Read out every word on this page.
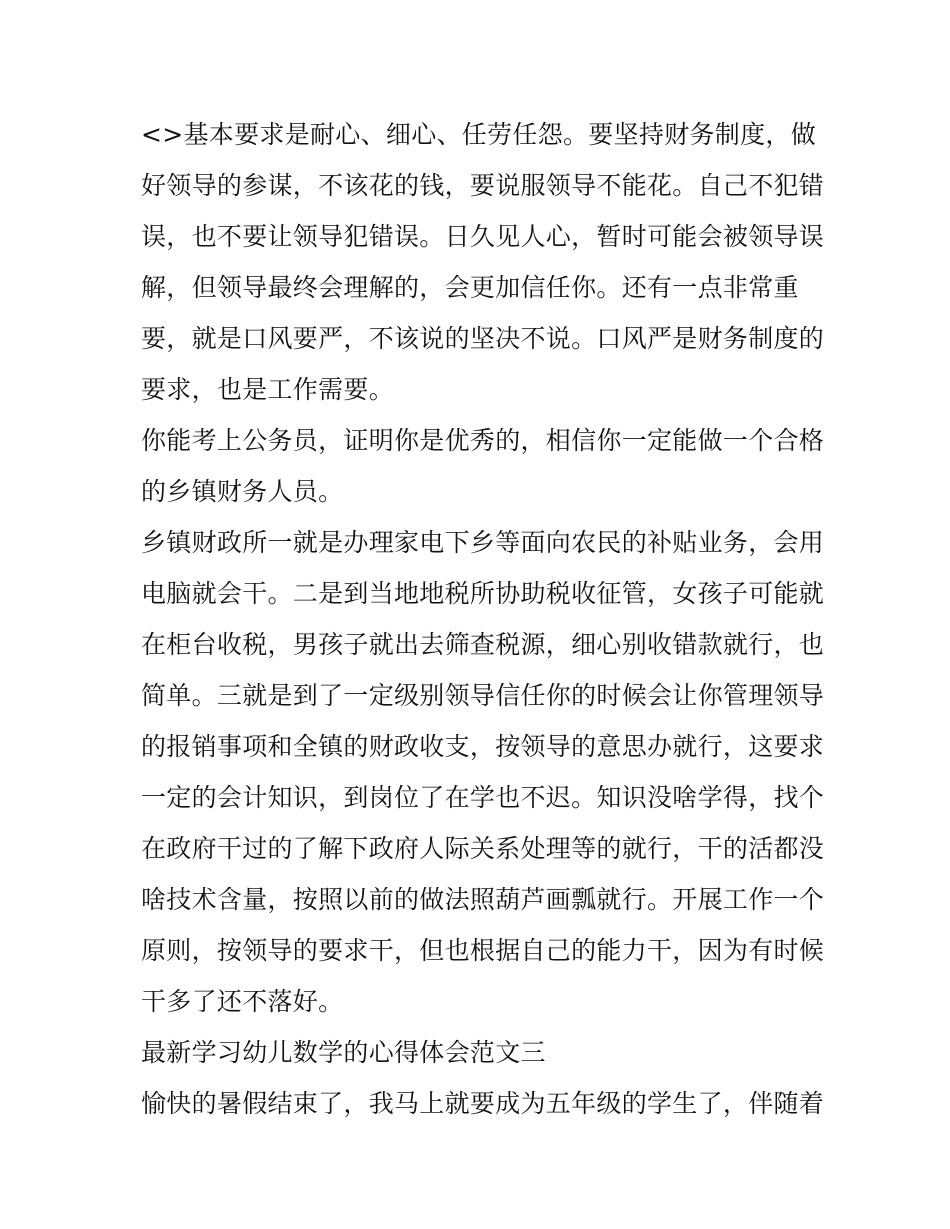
<>基本要求是耐心、细心、任劳任怨。要坚持财务制度，做
好领导的参谋，不该花的钱，要说服领导不能花。自己不犯错
误，也不要让领导犯错误。日久见人心，暂时可能会被领导误
解，但领导最终会理解的，会更加信任你。还有一点非常重
要，就是口风要严，不该说的坚决不说。口风严是财务制度的
要求，也是工作需要。
你能考上公务员，证明你是优秀的，相信你一定能做一个合格
的乡镇财务人员。
乡镇财政所一就是办理家电下乡等面向农民的补贴业务，会用
电脑就会干。二是到当地地税所协助税收征管，女孩子可能就
在柜台收税，男孩子就出去筛查税源，细心别收错款就行，也
简单。三就是到了一定级别领导信任你的时候会让你管理领导
的报销事项和全镇的财政收支，按领导的意思办就行，这要求
一定的会计知识，到岗位了在学也不迟。知识没啥学得，找个
在政府干过的了解下政府人际关系处理等的就行，干的活都没
啥技术含量，按照以前的做法照葫芦画瓢就行。开展工作一个
原则，按领导的要求干，但也根据自己的能力干，因为有时候
干多了还不落好。
最新学习幼儿数学的心得体会范文三
愉快的暑假结束了，我马上就要成为五年级的学生了，伴随着
